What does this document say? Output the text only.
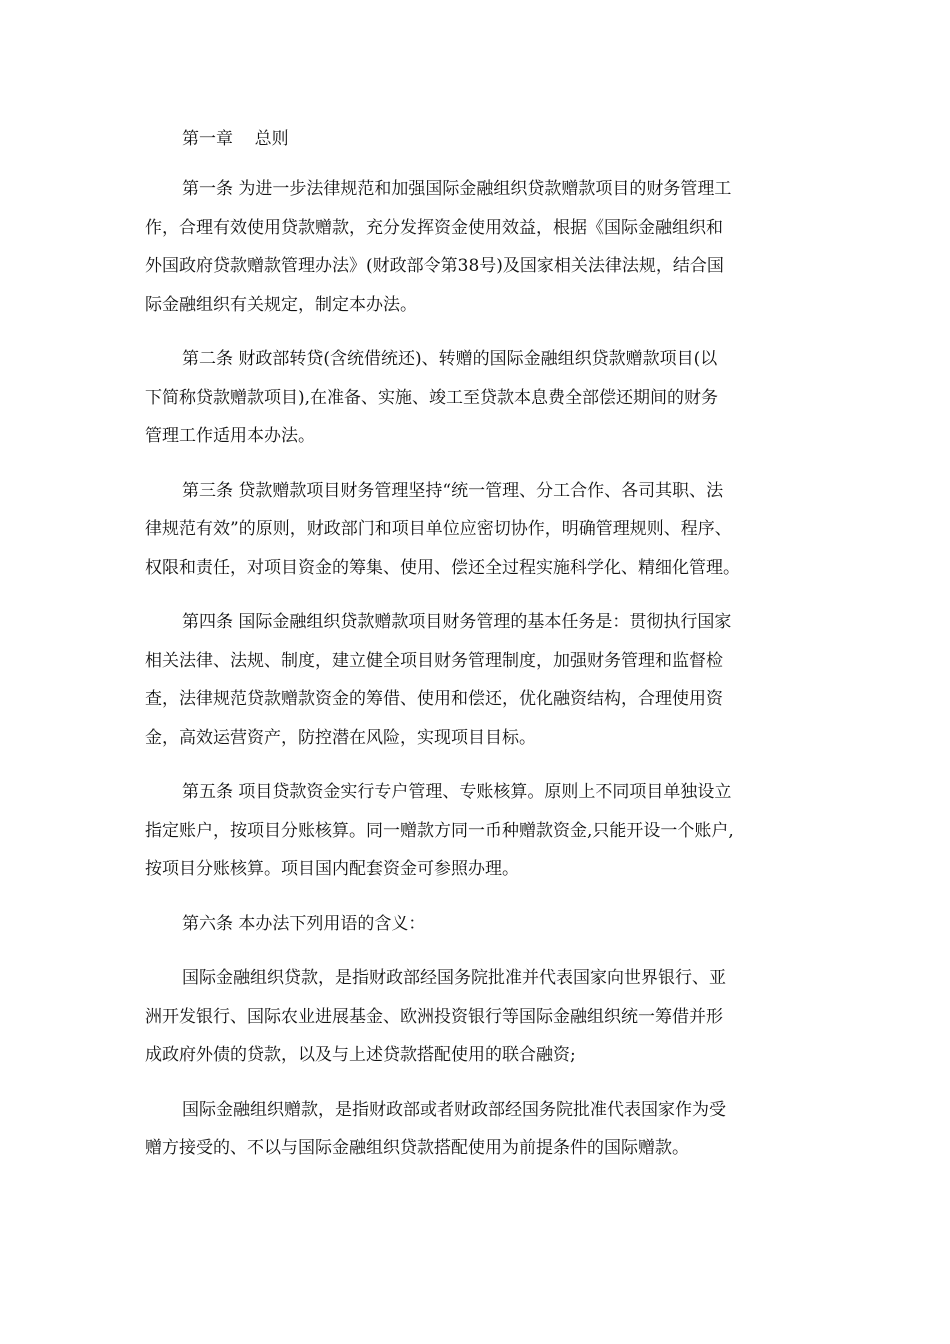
第一章    总则
第一条 为进一步法律规范和加强国际金融组织贷款赠款项目的财务管理工
作，合理有效使用贷款赠款，充分发挥资金使用效益，根据《国际金融组织和
外国政府贷款赠款管理办法》(财政部令第38号)及国家相关法律法规，结合国
际金融组织有关规定，制定本办法。
第二条 财政部转贷(含统借统还)、转赠的国际金融组织贷款赠款项目(以
下简称贷款赠款项目),在准备、实施、竣工至贷款本息费全部偿还期间的财务
管理工作适用本办法。
第三条 贷款赠款项目财务管理坚持“统一管理、分工合作、各司其职、法
律规范有效”的原则，财政部门和项目单位应密切协作，明确管理规则、程序、
权限和责任，对项目资金的筹集、使用、偿还全过程实施科学化、精细化管理。
第四条 国际金融组织贷款赠款项目财务管理的基本任务是：贯彻执行国家
相关法律、法规、制度，建立健全项目财务管理制度，加强财务管理和监督检
查，法律规范贷款赠款资金的筹借、使用和偿还，优化融资结构，合理使用资
金，高效运营资产，防控潜在风险，实现项目目标。
第五条 项目贷款资金实行专户管理、专账核算。原则上不同项目单独设立
指定账户，按项目分账核算。同一赠款方同一币种赠款资金,只能开设一个账户,
按项目分账核算。项目国内配套资金可参照办理。
第六条 本办法下列用语的含义：
国际金融组织贷款，是指财政部经国务院批准并代表国家向世界银行、亚
洲开发银行、国际农业进展基金、欧洲投资银行等国际金融组织统一筹借并形
成政府外债的贷款，以及与上述贷款搭配使用的联合融资;
国际金融组织赠款，是指财政部或者财政部经国务院批准代表国家作为受
赠方接受的、不以与国际金融组织贷款搭配使用为前提条件的国际赠款。
